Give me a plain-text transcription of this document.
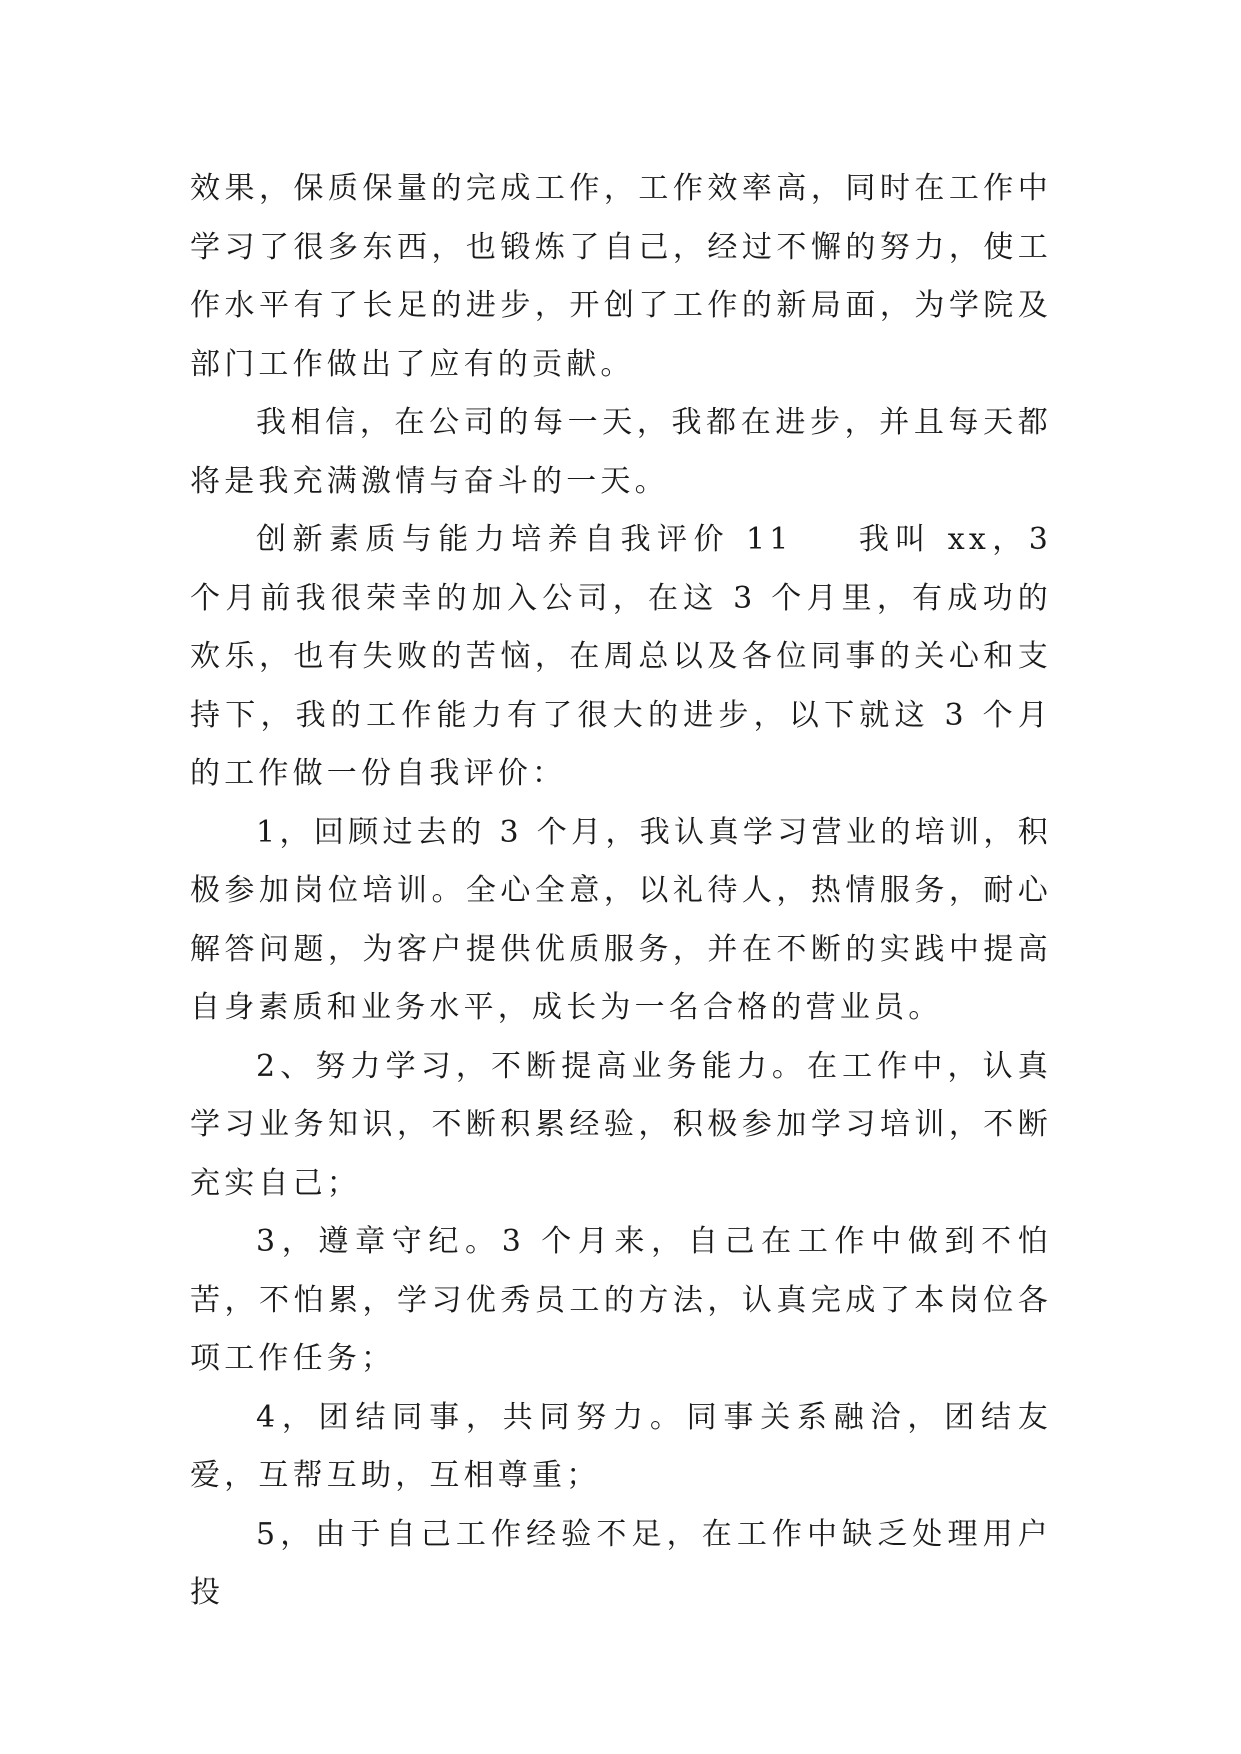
效果，保质保量的完成工作，工作效率高，同时在工作中学习了很多东西，也锻炼了自己，经过不懈的努力，使工作水平有了长足的进步，开创了工作的新局面，为学院及部门工作做出了应有的贡献。

我相信，在公司的每一天，我都在进步，并且每天都将是我充满激情与奋斗的一天。

创新素质与能力培养自我评价 11 我叫 xx，3 个月前我很荣幸的加入公司，在这 3 个月里，有成功的欢乐，也有失败的苦恼，在周总以及各位同事的关心和支持下，我的工作能力有了很大的进步，以下就这 3 个月的工作做一份自我评价：

1，回顾过去的 3 个月，我认真学习营业的培训，积极参加岗位培训。全心全意，以礼待人，热情服务，耐心解答问题，为客户提供优质服务，并在不断的实践中提高自身素质和业务水平，成长为一名合格的营业员。

2、努力学习，不断提高业务能力。在工作中，认真学习业务知识，不断积累经验，积极参加学习培训，不断充实自己；

3，遵章守纪。3 个月来，自己在工作中做到不怕苦，不怕累，学习优秀员工的方法，认真完成了本岗位各项工作任务；

4，团结同事，共同努力。同事关系融洽，团结友爱，互帮互助，互相尊重；

5，由于自己工作经验不足，在工作中缺乏处理用户投
